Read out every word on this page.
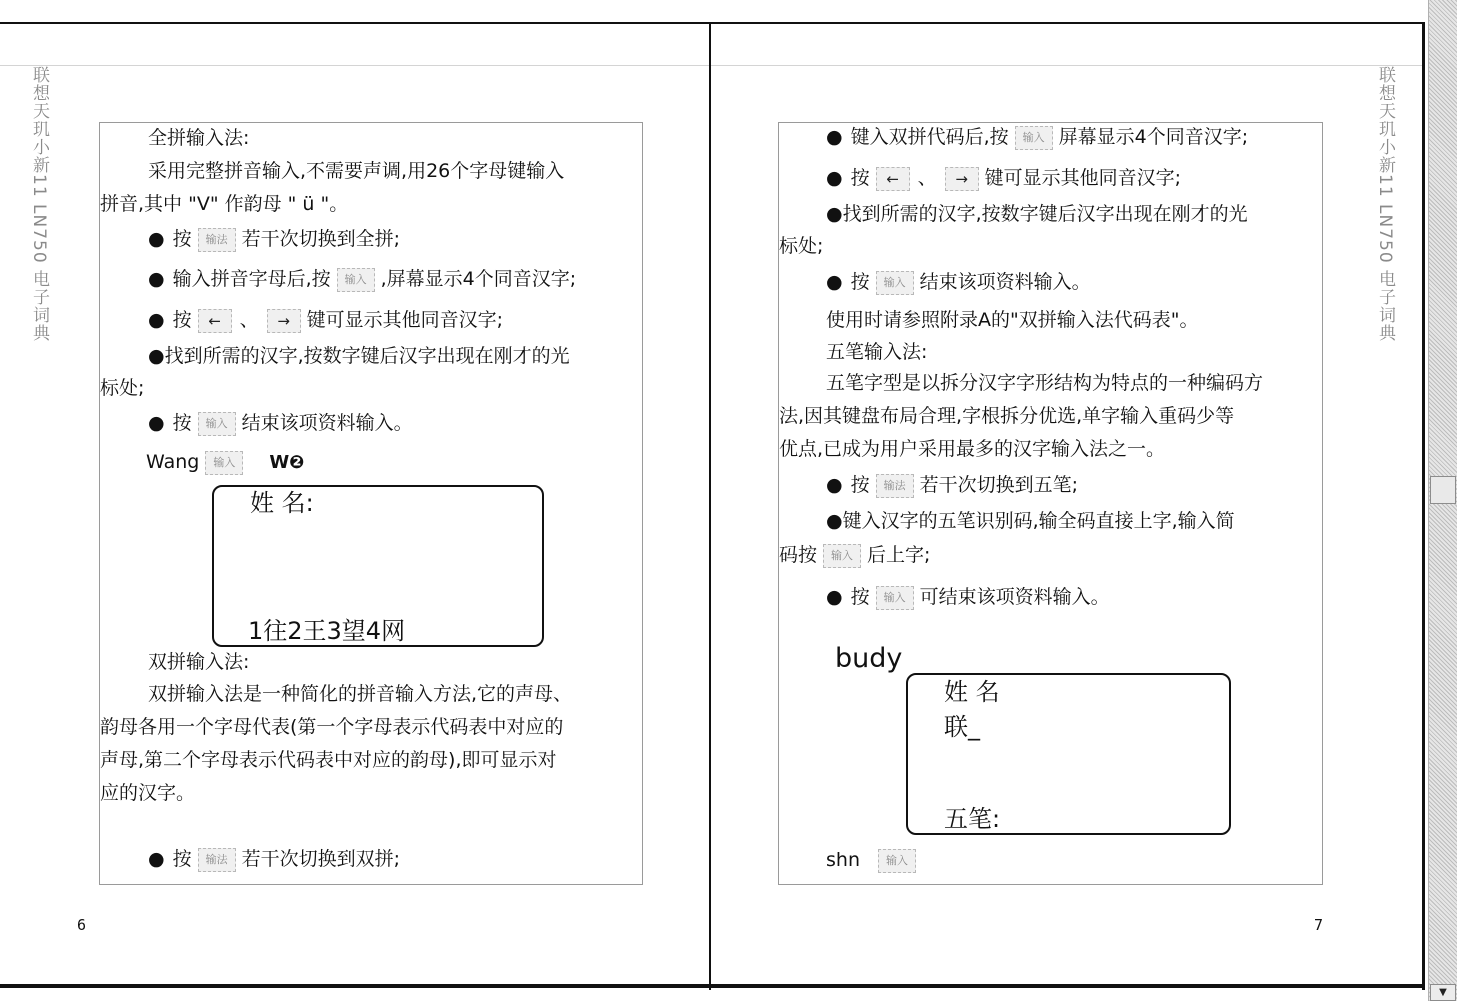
联想天玑小新11 LN750 电子词典
6
全拼输入法:
采用完整拼音输入,不需要声调,用26个字母键输入
拼音,其中 "V" 作韵母 " ü "。
● 按 输法 若干次切换到全拼;
● 输入拼音字母后,按 输入 ,屏幕显示4个同音汉字;
● 按 ← 、 → 键可显示其他同音汉字;
●找到所需的汉字,按数字键后汉字出现在刚才的光
标处;
● 按 输入 结束该项资料输入。
Wang 输入 W❷
姓 名:
1往2王3望4网
双拼输入法:
双拼输入法是一种简化的拼音输入方法,它的声母、
韵母各用一个字母代表(第一个字母表示代码表中对应的
声母,第二个字母表示代码表中对应的韵母),即可显示对
应的汉字。
● 按 输法 若干次切换到双拼;
联想天玑小新11 LN750 电子词典
7
● 键入双拼代码后,按 输入 屏幕显示4个同音汉字;
● 按 ← 、 → 键可显示其他同音汉字;
●找到所需的汉字,按数字键后汉字出现在刚才的光
标处;
● 按 输入 结束该项资料输入。
使用时请参照附录A的"双拼输入法代码表"。
五笔输入法:
五笔字型是以拆分汉字字形结构为特点的一种编码方
法,因其键盘布局合理,字根拆分优选,单字输入重码少等
优点,已成为用户采用最多的汉字输入法之一。
● 按 输法 若干次切换到五笔;
●键入汉字的五笔识别码,输全码直接上字,输入简
码按 输入 后上字;
● 按 输入 可结束该项资料输入。
budy
姓 名
联_
五笔:
shn 输入
▼
